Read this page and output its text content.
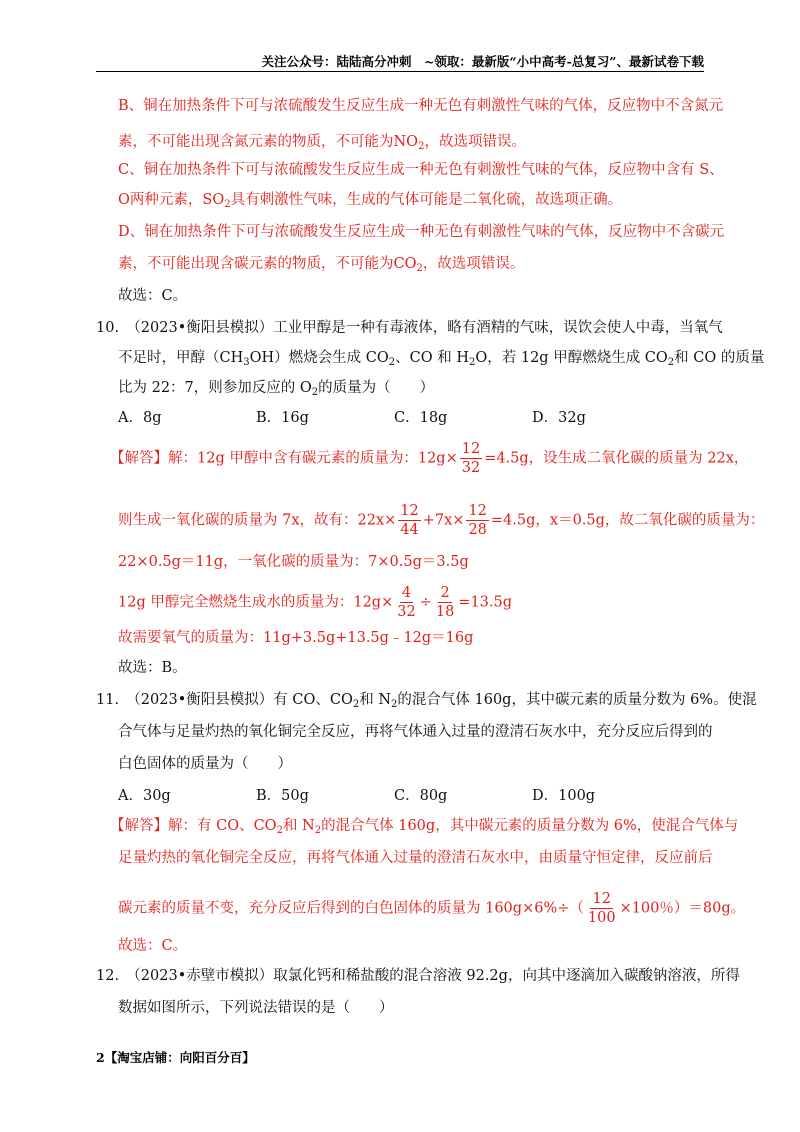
关注公众号：陆陆高分冲刺　~领取：最新版“小中高考-总复习”、最新试卷下载
B、铜在加热条件下可与浓硫酸发生反应生成一种无色有刺激性气味的气体，反应物中不含氮元
素，不可能出现含氮元素的物质，不可能为$NO_2$，故选项错误。
C、铜在加热条件下可与浓硫酸发生反应生成一种无色有刺激性气味的气体，反应物中含有 S、
O两种元素，$SO_2$具有刺激性气味，生成的气体可能是二氧化硫，故选项正确。
D、铜在加热条件下可与浓硫酸发生反应生成一种无色有刺激性气味的气体，反应物中不含碳元
素，不可能出现含碳元素的物质，不可能为$CO_2$，故选项错误。
故选：C。
10.　（2023•衡阳县模拟）工业甲醇是一种有毒液体，略有酒精的气味，误饮会使人中毒，当氧气
不足时，甲醇$(CH_3OH)$燃烧会生成 $CO_2$、CO 和 $H_2O$，若 12g 甲醇燃烧生成 $CO_2$和 CO 的质量
比为 22：7，则参加反应的 $O_2$的质量为（　　）
A．8g	B．16g	C．18g	D．32g
【解答】解：12g 甲醇中含有碳元素的质量为：$12g\times \frac{12}{32} =4.5g$，设生成二氧化碳的质量为 22x，
则生成一氧化碳的质量为 7x，故有：$22x\times \frac{12}{44} +7x\times \frac{12}{28} =4.5g$，x＝0.5g，故二氧化碳的质量为：
22×0.5g＝11g，一氧化碳的质量为：7×0.5g＝3.5g
12g 甲醇完全燃烧生成水的质量为：$12g\times \frac{4}{32} \div \frac{2}{18} =13.5g$
故需要氧气的质量为：11g+3.5g+13.5g﹣12g＝16g
故选：B。
11.　（2023•衡阳县模拟）有 CO、$CO_2$和 $N_2$的混合气体 160g，其中碳元素的质量分数为 6%。使混
合气体与足量灼热的氧化铜完全反应，再将气体通入过量的澄清石灰水中，充分反应后得到的
白色固体的质量为（　　）
A．30g	B．50g	C．80g	D．100g
【解答】解：有 CO、$CO_2$和 $N_2$的混合气体 160g，其中碳元素的质量分数为 6%，使混合气体与
足量灼热的氧化铜完全反应，再将气体通入过量的澄清石灰水中，由质量守恒定律，反应前后
碳元素的质量不变，充分反应后得到的白色固体的质量为 $160g\times 6\%\div( \frac{12}{100} \times 100$％）＝80g。
故选：C。
12.　（2023•赤壁市模拟）取氯化钙和稀盐酸的混合溶液 92.2g，向其中逐滴加入碳酸钠溶液，所得
数据如图所示，下列说法错误的是（　　）
2【淘宝店铺：向阳百分百】
